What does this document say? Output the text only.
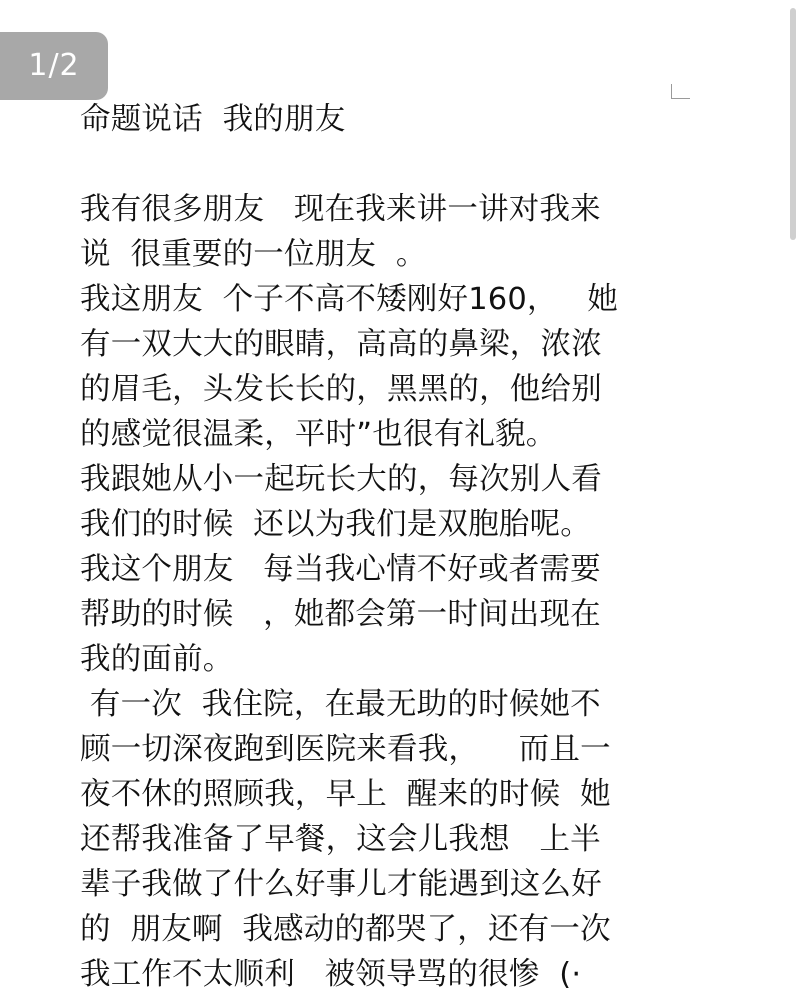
1/2
命题说话  我的朋友
我有很多朋友   现在我来讲一讲对我来
说  很重要的一位朋友  。
我这朋友  个子不高不矮刚好160，   她
有一双大大的眼睛，高高的鼻梁，浓浓
的眉毛，头发长长的，黑黑的，他给别
的感觉很温柔，平时”也很有礼貌。
我跟她从小一起玩长大的，每次别人看
我们的时候  还以为我们是双胞胎呢。
我这个朋友   每当我心情不好或者需要
帮助的时候   ，她都会第一时间出现在
我的面前。
有一次  我住院，在最无助的时候她不
顾一切深夜跑到医院来看我，    而且一
夜不休的照顾我，早上  醒来的时候  她
还帮我准备了早餐，这会儿我想   上半
辈子我做了什么好事儿才能遇到这么好
的  朋友啊  我感动的都哭了，还有一次
我工作不太顺利   被领导骂的很惨  (·
